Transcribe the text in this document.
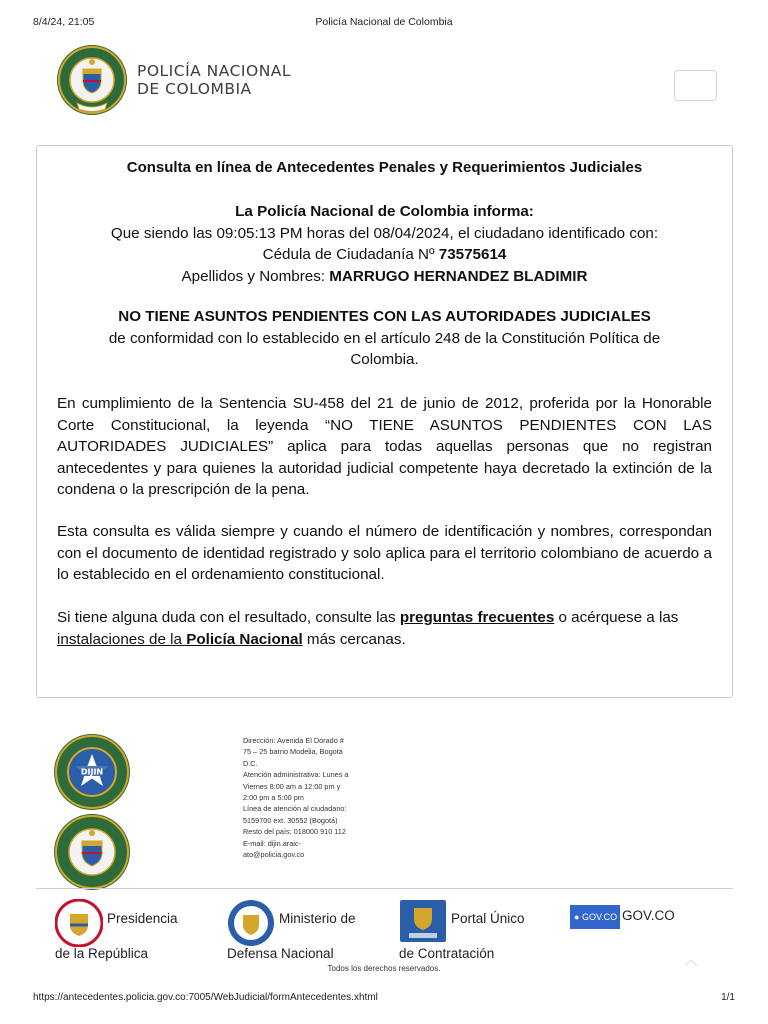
8/4/24, 21:05	Policía Nacional de Colombia
POLICÍA NACIONAL
DE COLOMBIA
Consulta en línea de Antecedentes Penales y Requerimientos Judiciales
La Policía Nacional de Colombia informa:
Que siendo las 09:05:13 PM horas del 08/04/2024, el ciudadano identificado con:
Cédula de Ciudadanía Nº 73575614
Apellidos y Nombres: MARRUGO HERNANDEZ BLADIMIR
NO TIENE ASUNTOS PENDIENTES CON LAS AUTORIDADES JUDICIALES
de conformidad con lo establecido en el artículo 248 de la Constitución Política de Colombia.
En cumplimiento de la Sentencia SU-458 del 21 de junio de 2012, proferida por la Honorable Corte Constitucional, la leyenda “NO TIENE ASUNTOS PENDIENTES CON LAS AUTORIDADES JUDICIALES” aplica para todas aquellas personas que no registran antecedentes y para quienes la autoridad judicial competente haya decretado la extinción de la condena o la prescripción de la pena.
Esta consulta es válida siempre y cuando el número de identificación y nombres, correspondan con el documento de identidad registrado y solo aplica para el territorio colombiano de acuerdo a lo establecido en el ordenamiento constitucional.
Si tiene alguna duda con el resultado, consulte las preguntas frecuentes o acérquese a las instalaciones de la Policía Nacional más cercanas.
DIJIN
Dirección: Avenida El Dorado #
75 – 25 barrio Modelia, Bogotá
D.C.
Atención administrativa: Lunes a
Viernes 8:00 am a 12:00 pm y
2:00 pm a 5:00 pm
Línea de atención al ciudadano:
5159700 ext. 30552 (Bogotá)
Resto del país: 018000 910 112
E-mail: dijin.araic-
ato@policia.gov.co
Presidencia
de la República
Ministerio de
Defensa Nacional
Portal Único
de Contratación
● GOV.CO GOV.CO
︿
Todos los derechos reservados.
https://antecedentes.policia.gov.co:7005/WebJudicial/formAntecedentes.xhtml	1/1
